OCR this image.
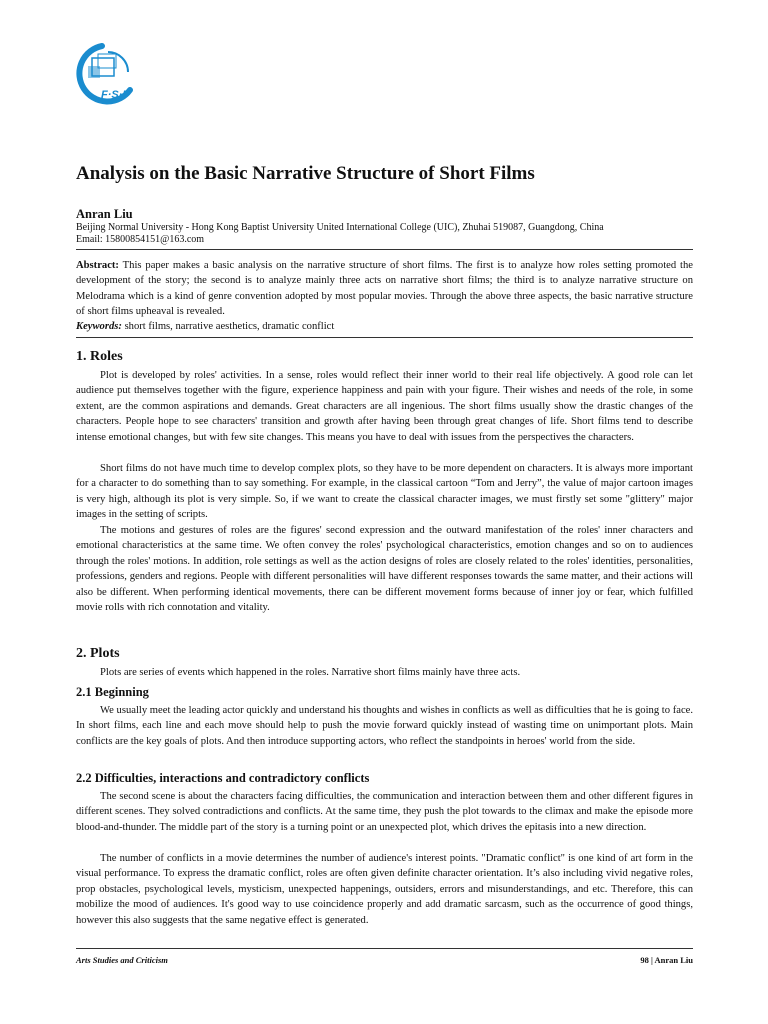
F·S·P
Analysis on the Basic Narrative Structure of Short Films
Anran Liu
Beijing Normal University - Hong Kong Baptist University United International College (UIC), Zhuhai 519087, Guangdong, China
Email: 15800854151@163.com
Abstract: This paper makes a basic analysis on the narrative structure of short films. The first is to analyze how roles setting promoted the development of the story; the second is to analyze mainly three acts on narrative short films; the third is to analyze narrative structure on Melodrama which is a kind of genre convention adopted by most popular movies. Through the above three aspects, the basic narrative structure of short films upheaval is revealed.
Keywords: short films, narrative aesthetics, dramatic conflict
1. Roles

Plot is developed by roles' activities. In a sense, roles would reflect their inner world to their real life objectively. A good role can let audience put themselves together with the figure, experience happiness and pain with your figure. Their wishes and needs of the role, in some extent, are the common aspirations and demands. Great characters are all ingenious. The short films usually show the drastic changes of the characters. People hope to see characters' transition and growth after having been through great changes of life. Short films tend to describe intense emotional changes, but with few site changes. This means you have to deal with issues from the perspectives the characters.

Short films do not have much time to develop complex plots, so they have to be more dependent on characters. It is always more important for a character to do something than to say something. For example, in the classical cartoon “Tom and Jerry”, the value of major cartoon images is very high, although its plot is very simple. So, if we want to create the classical character images, we must firstly set some "glittery" major images in the setting of scripts.

The motions and gestures of roles are the figures' second expression and the outward manifestation of the roles' inner characters and emotional characteristics at the same time. We often convey the roles' psychological characteristics, emotion changes and so on to audiences through the roles' motions. In addition, role settings as well as the action designs of roles are closely related to the roles' identities, personalities, professions, genders and regions. People with different personalities will have different responses towards the same matter, and their actions will also be different. When performing identical movements, there can be different movement forms because of inner joy or fear, which fulfilled movie rolls with rich connotation and vitality.

2. Plots

Plots are series of events which happened in the roles. Narrative short films mainly have three acts.

2.1 Beginning

We usually meet the leading actor quickly and understand his thoughts and wishes in conflicts as well as difficulties that he is going to face. In short films, each line and each move should help to push the movie forward quickly instead of wasting time on unimportant plots. Main conflicts are the key goals of plots. And then introduce supporting actors, who reflect the standpoints in heroes' world from the side.

2.2 Difficulties, interactions and contradictory conflicts

The second scene is about the characters facing difficulties, the communication and interaction between them and other different figures in different scenes. They solved contradictions and conflicts. At the same time, they push the plot towards to the climax and make the episode more blood-and-thunder. The middle part of the story is a turning point or an unexpected plot, which drives the epitasis into a new direction.

The number of conflicts in a movie determines the number of audience's interest points. "Dramatic conflict" is one kind of art form in the visual performance. To express the dramatic conflict, roles are often given definite character orientation. It’s also including vivid negative roles, prop obstacles, psychological levels, mysticism, unexpected happenings, outsiders, errors and misunderstandings, and etc. Therefore, this can mobilize the mood of audiences. It's good way to use coincidence properly and add dramatic sarcasm, such as the occurrence of good things, however this also suggests that the same negative effect is generated.

Arts Studies and Criticism	98 | Anran Liu
